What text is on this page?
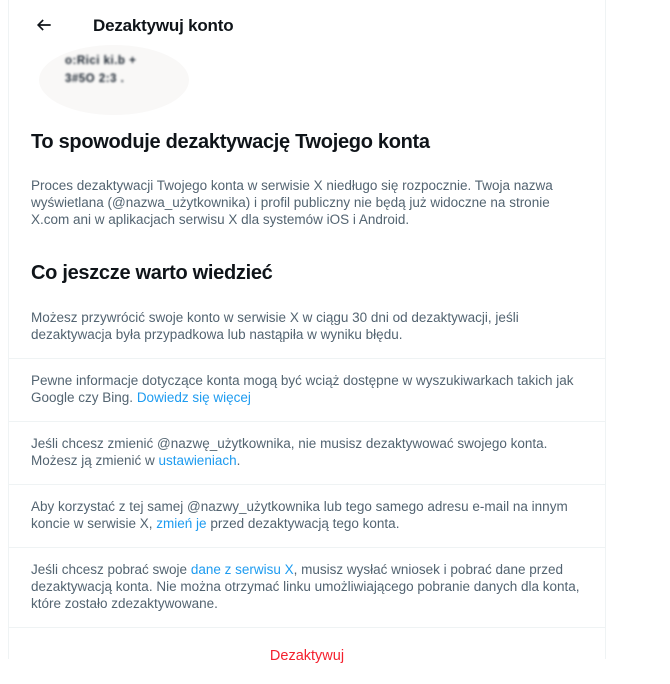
Dezaktywuj konto
o:Rici ki.b +
3#5O 2:3 .
To spowoduje dezaktywację Twojego konta

Proces dezaktywacji Twojego konta w serwisie X niedługo się rozpocznie. Twoja nazwa wyświetlana (@nazwa_użytkownika) i profil publiczny nie będą już widoczne na stronie X.com ani w aplikacjach serwisu X dla systemów iOS i Android.

Co jeszcze warto wiedzieć
Możesz przywrócić swoje konto w serwisie X w ciągu 30 dni od dezaktywacji, jeśli dezaktywacja była przypadkowa lub nastąpiła w wyniku błędu.
Pewne informacje dotyczące konta mogą być wciąż dostępne w wyszukiwarkach takich jak Google czy Bing. Dowiedz się więcej
Jeśli chcesz zmienić @nazwę_użytkownika, nie musisz dezaktywować swojego konta. Możesz ją zmienić w ustawieniach.
Aby korzystać z tej samej @nazwy_użytkownika lub tego samego adresu e-mail na innym koncie w serwisie X, zmień je przed dezaktywacją tego konta.
Jeśli chcesz pobrać swoje dane z serwisu X, musisz wysłać wniosek i pobrać dane przed dezaktywacją konta. Nie można otrzymać linku umożliwiającego pobranie danych dla konta, które zostało zdezaktywowane.
Dezaktywuj
